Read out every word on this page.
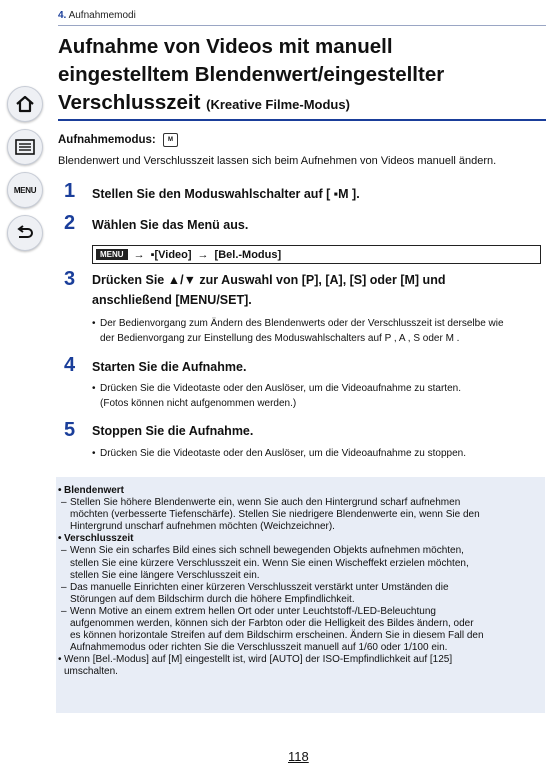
4. Aufnahmemodi
Aufnahme von Videos mit manuell
eingestelltem Blendenwert/eingestellter
Verschlusszeit (Kreative Filme-Modus)
MENU
Aufnahmemodus: M
Blendenwert und Verschlusszeit lassen sich beim Aufnehmen von Videos manuell ändern.
1 Stellen Sie den Moduswahlschalter auf [ ▪M ].
2 Wählen Sie das Menü aus.
MENU → ▪[Video] → [Bel.-Modus]
3 Drücken Sie ▲/▼ zur Auswahl von [P], [A], [S] oder [M] und
anschließend [MENU/SET].
• Der Bedienvorgang zum Ändern des Blendenwerts oder der Verschlusszeit ist derselbe wie
der Bedienvorgang zur Einstellung des Moduswahlschalters auf P , A , S oder M .
4 Starten Sie die Aufnahme.
• Drücken Sie die Videotaste oder den Auslöser, um die Videoaufnahme zu starten.
(Fotos können nicht aufgenommen werden.)
5 Stoppen Sie die Aufnahme.
• Drücken Sie die Videotaste oder den Auslöser, um die Videoaufnahme zu stoppen.
• Blendenwert
– Stellen Sie höhere Blendenwerte ein, wenn Sie auch den Hintergrund scharf aufnehmen
möchten (verbesserte Tiefenschärfe). Stellen Sie niedrigere Blendenwerte ein, wenn Sie den
Hintergrund unscharf aufnehmen möchten (Weichzeichner).
• Verschlusszeit
– Wenn Sie ein scharfes Bild eines sich schnell bewegenden Objekts aufnehmen möchten,
stellen Sie eine kürzere Verschlusszeit ein. Wenn Sie einen Wischeffekt erzielen möchten,
stellen Sie eine längere Verschlusszeit ein.
– Das manuelle Einrichten einer kürzeren Verschlusszeit verstärkt unter Umständen die
Störungen auf dem Bildschirm durch die höhere Empfindlichkeit.
– Wenn Motive an einem extrem hellen Ort oder unter Leuchtstoff-/LED-Beleuchtung
aufgenommen werden, können sich der Farbton oder die Helligkeit des Bildes ändern, oder
es können horizontale Streifen auf dem Bildschirm erscheinen. Ändern Sie in diesem Fall den
Aufnahmemodus oder richten Sie die Verschlusszeit manuell auf 1/60 oder 1/100 ein.
• Wenn [Bel.-Modus] auf [M] eingestellt ist, wird [AUTO] der ISO-Empfindlichkeit auf [125]
umschalten.
118
